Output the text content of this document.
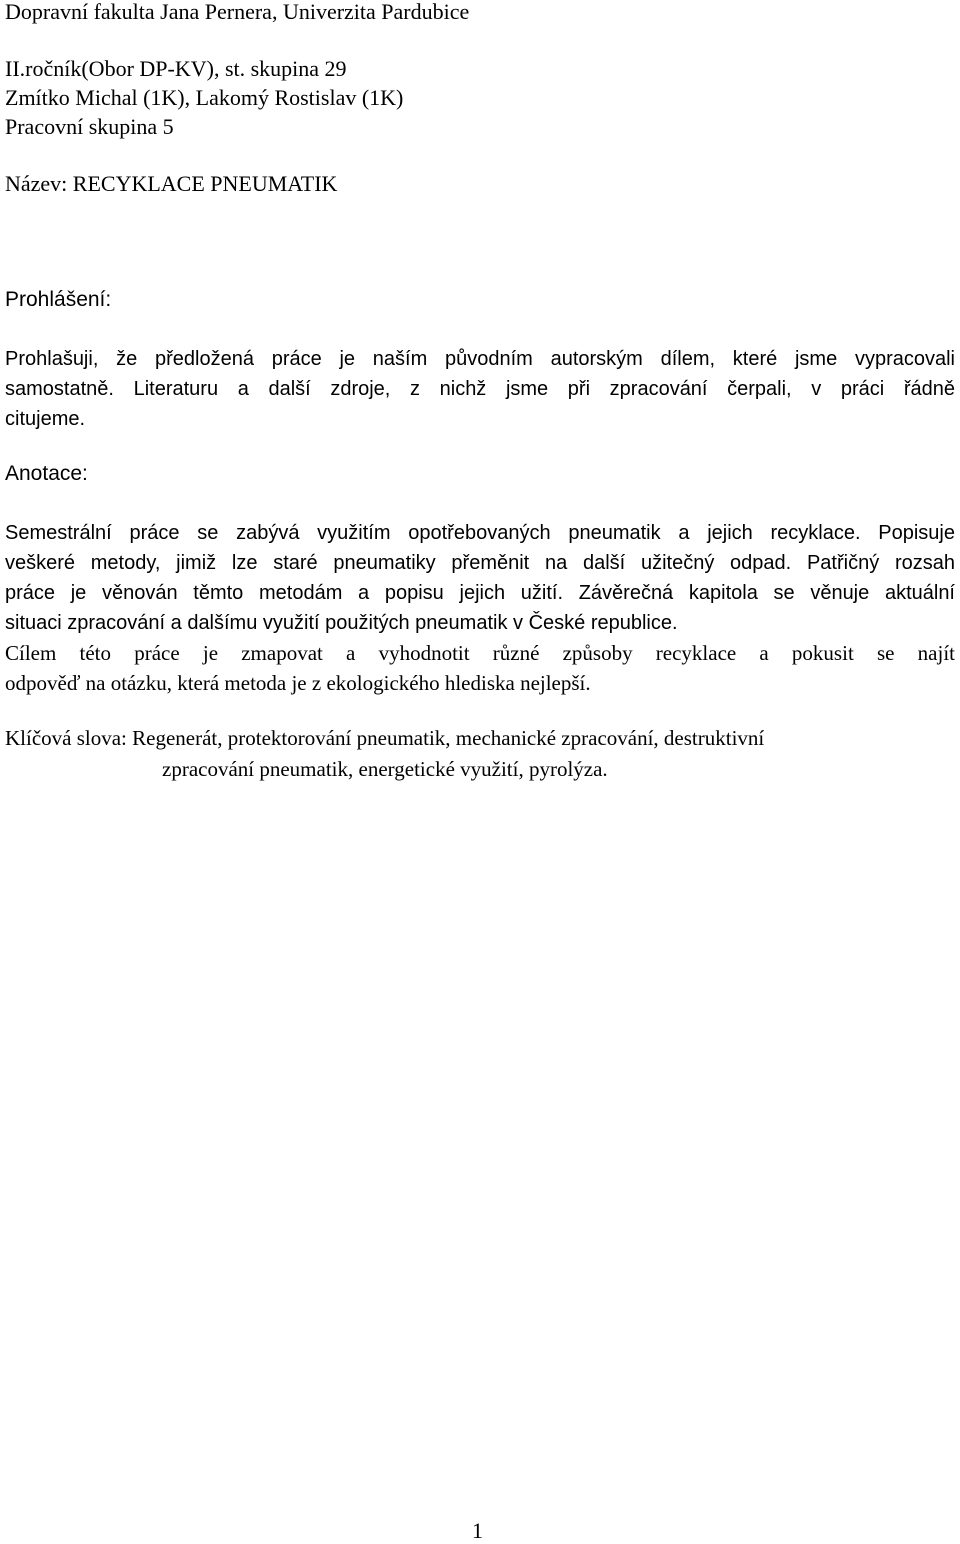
Dopravní fakulta Jana Pernera, Univerzita Pardubice
II.ročník(Obor DP-KV), st. skupina 29
Zmítko Michal (1K), Lakomý Rostislav (1K)
Pracovní skupina 5
Název: RECYKLACE PNEUMATIK
Prohlášení:
Prohlašuji, že předložená práce je naším původním autorským dílem, které jsme vypracovali
samostatně. Literaturu a další zdroje, z nichž jsme při zpracování čerpali, v práci řádně
citujeme.
Anotace:
Semestrální práce se zabývá využitím opotřebovaných pneumatik a jejich recyklace. Popisuje
veškeré metody, jimiž lze staré pneumatiky přeměnit na další užitečný odpad. Patřičný rozsah
práce je věnován těmto metodám a popisu jejich užití. Závěrečná kapitola se věnuje aktuální
situaci zpracování a dalšímu využití použitých pneumatik v České republice.
Cílem této práce je zmapovat a vyhodnotit různé způsoby recyklace a pokusit se najít
odpověď na otázku, která metoda je z ekologického hlediska nejlepší.
Klíčová slova: Regenerát, protektorování pneumatik, mechanické zpracování, destruktivní
zpracování pneumatik, energetické využití, pyrolýza.
1
